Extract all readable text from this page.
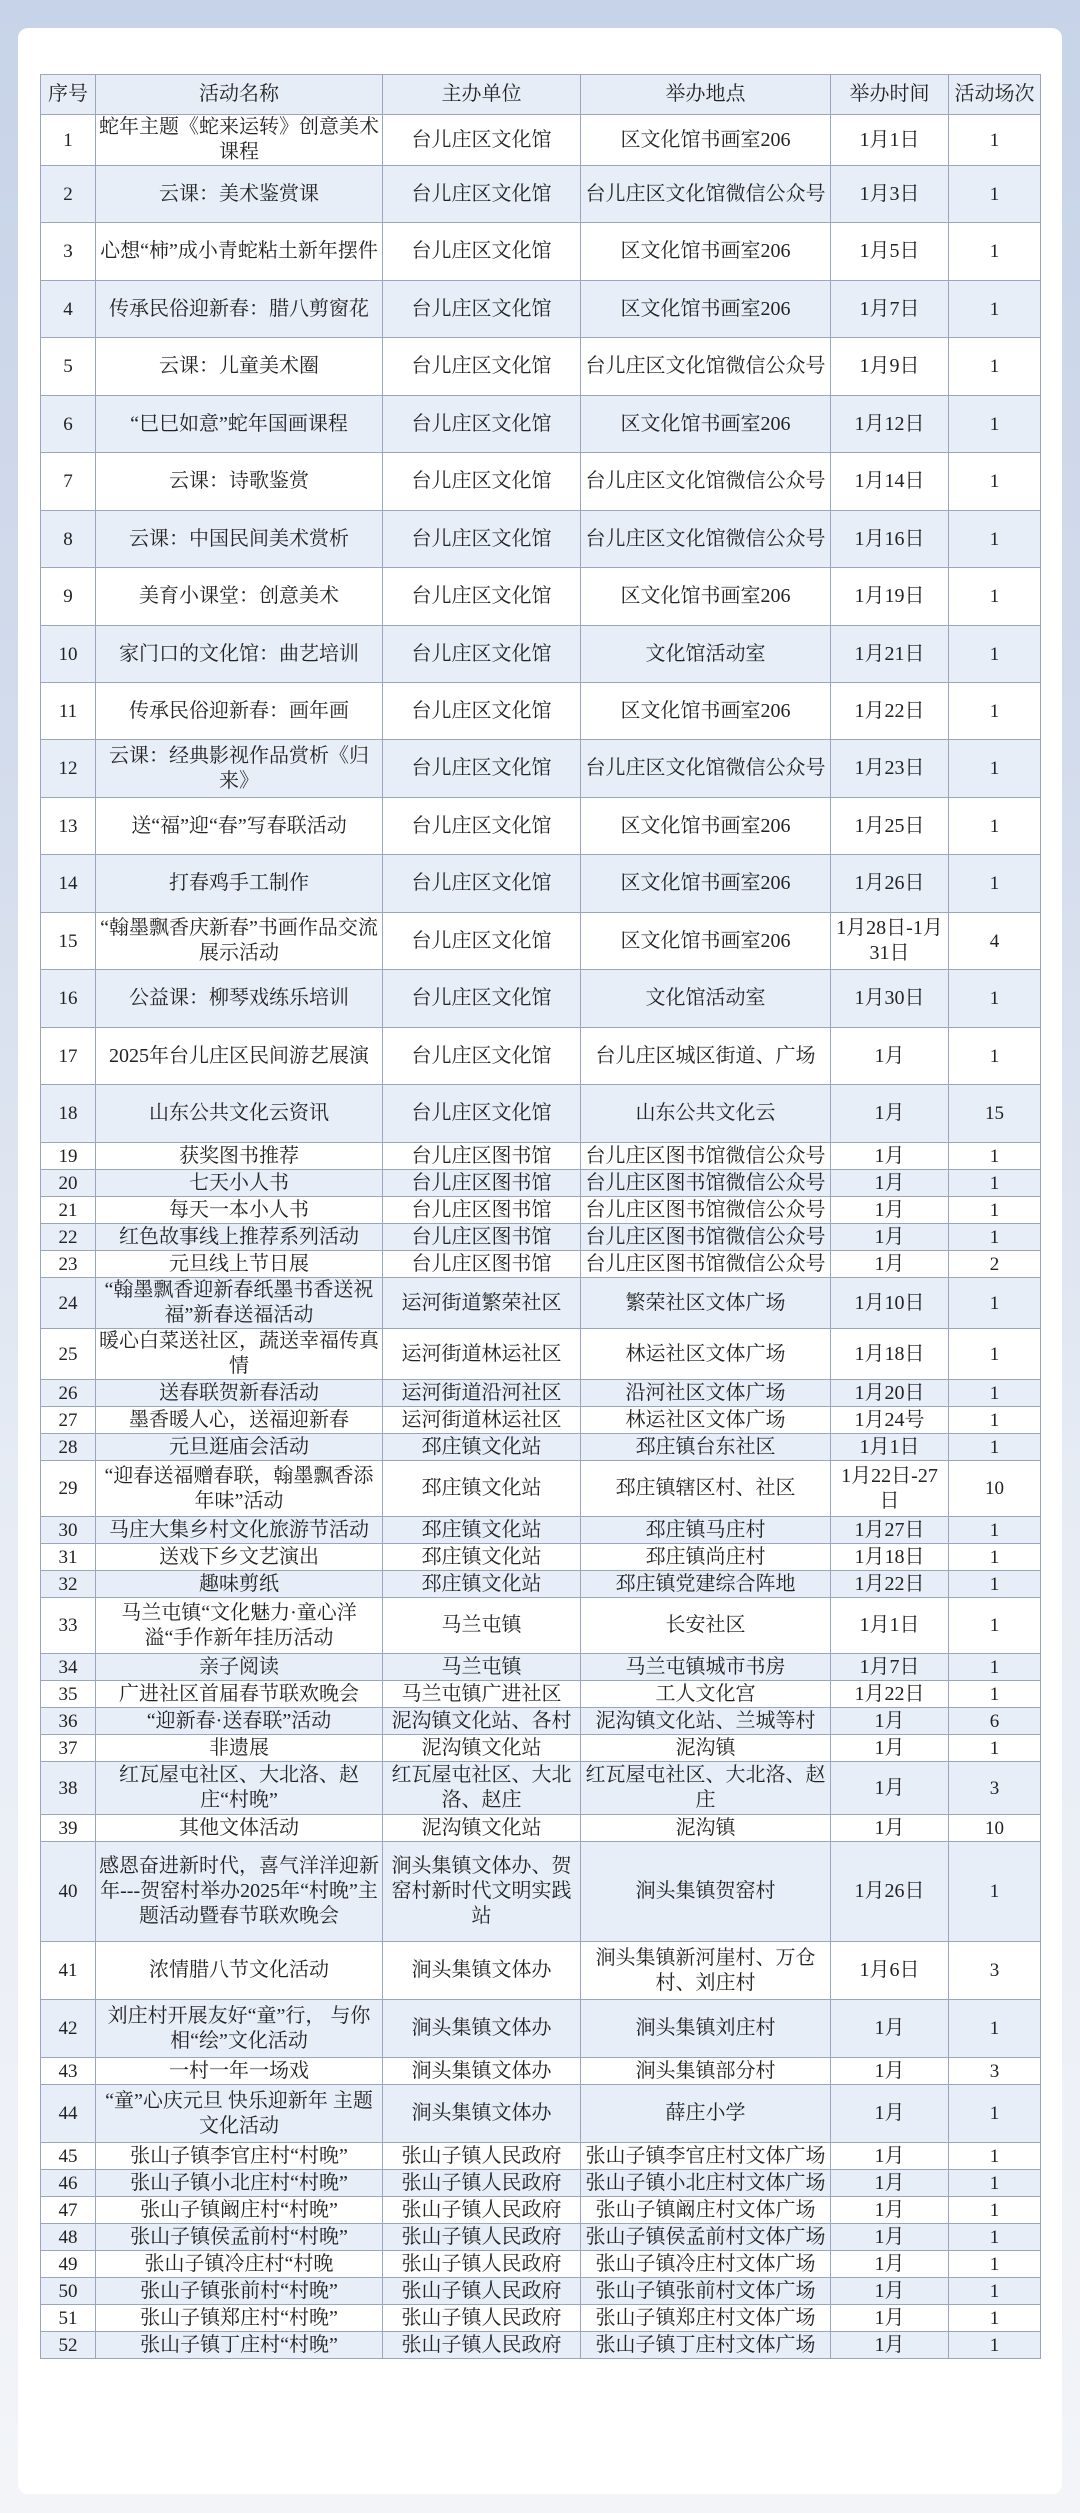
序号	活动名称	主办单位	举办地点	举办时间	活动场次
1	蛇年主题《蛇来运转》创意美术课程	台儿庄区文化馆	区文化馆书画室206	1月1日	1
2	云课：美术鉴赏课	台儿庄区文化馆	台儿庄区文化馆微信公众号	1月3日	1
3	心想“柿”成小青蛇粘土新年摆件	台儿庄区文化馆	区文化馆书画室206	1月5日	1
4	传承民俗迎新春：腊八剪窗花	台儿庄区文化馆	区文化馆书画室206	1月7日	1
5	云课：儿童美术圈	台儿庄区文化馆	台儿庄区文化馆微信公众号	1月9日	1
6	“巳巳如意”蛇年国画课程	台儿庄区文化馆	区文化馆书画室206	1月12日	1
7	云课：诗歌鉴赏	台儿庄区文化馆	台儿庄区文化馆微信公众号	1月14日	1
8	云课：中国民间美术赏析	台儿庄区文化馆	台儿庄区文化馆微信公众号	1月16日	1
9	美育小课堂：创意美术	台儿庄区文化馆	区文化馆书画室206	1月19日	1
10	家门口的文化馆：曲艺培训	台儿庄区文化馆	文化馆活动室	1月21日	1
11	传承民俗迎新春：画年画	台儿庄区文化馆	区文化馆书画室206	1月22日	1
12	云课：经典影视作品赏析《归来》	台儿庄区文化馆	台儿庄区文化馆微信公众号	1月23日	1
13	送“福”迎“春”写春联活动	台儿庄区文化馆	区文化馆书画室206	1月25日	1
14	打春鸡手工制作	台儿庄区文化馆	区文化馆书画室206	1月26日	1
15	“翰墨飘香庆新春”书画作品交流展示活动	台儿庄区文化馆	区文化馆书画室206	1月28日-1月31日	4
16	公益课：柳琴戏练乐培训	台儿庄区文化馆	文化馆活动室	1月30日	1
17	2025年台儿庄区民间游艺展演	台儿庄区文化馆	台儿庄区城区街道、广场	1月	1
18	山东公共文化云资讯	台儿庄区文化馆	山东公共文化云	1月	15
19	获奖图书推荐	台儿庄区图书馆	台儿庄区图书馆微信公众号	1月	1
20	七天小人书	台儿庄区图书馆	台儿庄区图书馆微信公众号	1月	1
21	每天一本小人书	台儿庄区图书馆	台儿庄区图书馆微信公众号	1月	1
22	红色故事线上推荐系列活动	台儿庄区图书馆	台儿庄区图书馆微信公众号	1月	1
23	元旦线上节日展	台儿庄区图书馆	台儿庄区图书馆微信公众号	1月	2
24	“翰墨飘香迎新春纸墨书香送祝福”新春送福活动	运河街道繁荣社区	繁荣社区文体广场	1月10日	1
25	暖心白菜送社区，蔬送幸福传真情	运河街道林运社区	林运社区文体广场	1月18日	1
26	送春联贺新春活动	运河街道沿河社区	沿河社区文体广场	1月20日	1
27	墨香暖人心，送福迎新春	运河街道林运社区	林运社区文体广场	1月24号	1
28	元旦逛庙会活动	邳庄镇文化站	邳庄镇台东社区	1月1日	1
29	“迎春送福赠春联，翰墨飘香添年味”活动	邳庄镇文化站	邳庄镇辖区村、社区	1月22日-27日	10
30	马庄大集乡村文化旅游节活动	邳庄镇文化站	邳庄镇马庄村	1月27日	1
31	送戏下乡文艺演出	邳庄镇文化站	邳庄镇尚庄村	1月18日	1
32	趣味剪纸	邳庄镇文化站	邳庄镇党建综合阵地	1月22日	1
33	马兰屯镇“文化魅力·童心洋溢“手作新年挂历活动	马兰屯镇	长安社区	1月1日	1
34	亲子阅读	马兰屯镇	马兰屯镇城市书房	1月7日	1
35	广进社区首届春节联欢晚会	马兰屯镇广进社区	工人文化宫	1月22日	1
36	“迎新春·送春联”活动	泥沟镇文化站、各村	泥沟镇文化站、兰城等村	1月	6
37	非遗展	泥沟镇文化站	泥沟镇	1月	1
38	红瓦屋屯社区、大北洛、赵庄“村晚”	红瓦屋屯社区、大北洛、赵庄	红瓦屋屯社区、大北洛、赵庄	1月	3
39	其他文体活动	泥沟镇文化站	泥沟镇	1月	10
40	感恩奋进新时代，喜气洋洋迎新年---贺窑村举办2025年“村晚”主题活动暨春节联欢晚会	涧头集镇文体办、贺窑村新时代文明实践站	涧头集镇贺窑村	1月26日	1
41	浓情腊八节文化活动	涧头集镇文体办	涧头集镇新河崖村、万仓村、刘庄村	1月6日	3
42	刘庄村开展友好“童”行， 与你相“绘”文化活动	涧头集镇文体办	涧头集镇刘庄村	1月	1
43	一村一年一场戏	涧头集镇文体办	涧头集镇部分村	1月	3
44	“童”心庆元旦 快乐迎新年 主题文化活动	涧头集镇文体办	薛庄小学	1月	1
45	张山子镇李官庄村“村晚”	张山子镇人民政府	张山子镇李官庄村文体广场	1月	1
46	张山子镇小北庄村“村晚”	张山子镇人民政府	张山子镇小北庄村文体广场	1月	1
47	张山子镇阚庄村“村晚”	张山子镇人民政府	张山子镇阚庄村文体广场	1月	1
48	张山子镇侯孟前村“村晚”	张山子镇人民政府	张山子镇侯孟前村文体广场	1月	1
49	张山子镇冷庄村“村晚	张山子镇人民政府	张山子镇冷庄村文体广场	1月	1
50	张山子镇张前村“村晚”	张山子镇人民政府	张山子镇张前村文体广场	1月	1
51	张山子镇郑庄村“村晚”	张山子镇人民政府	张山子镇郑庄村文体广场	1月	1
52	张山子镇丁庄村“村晚”	张山子镇人民政府	张山子镇丁庄村文体广场	1月	1
